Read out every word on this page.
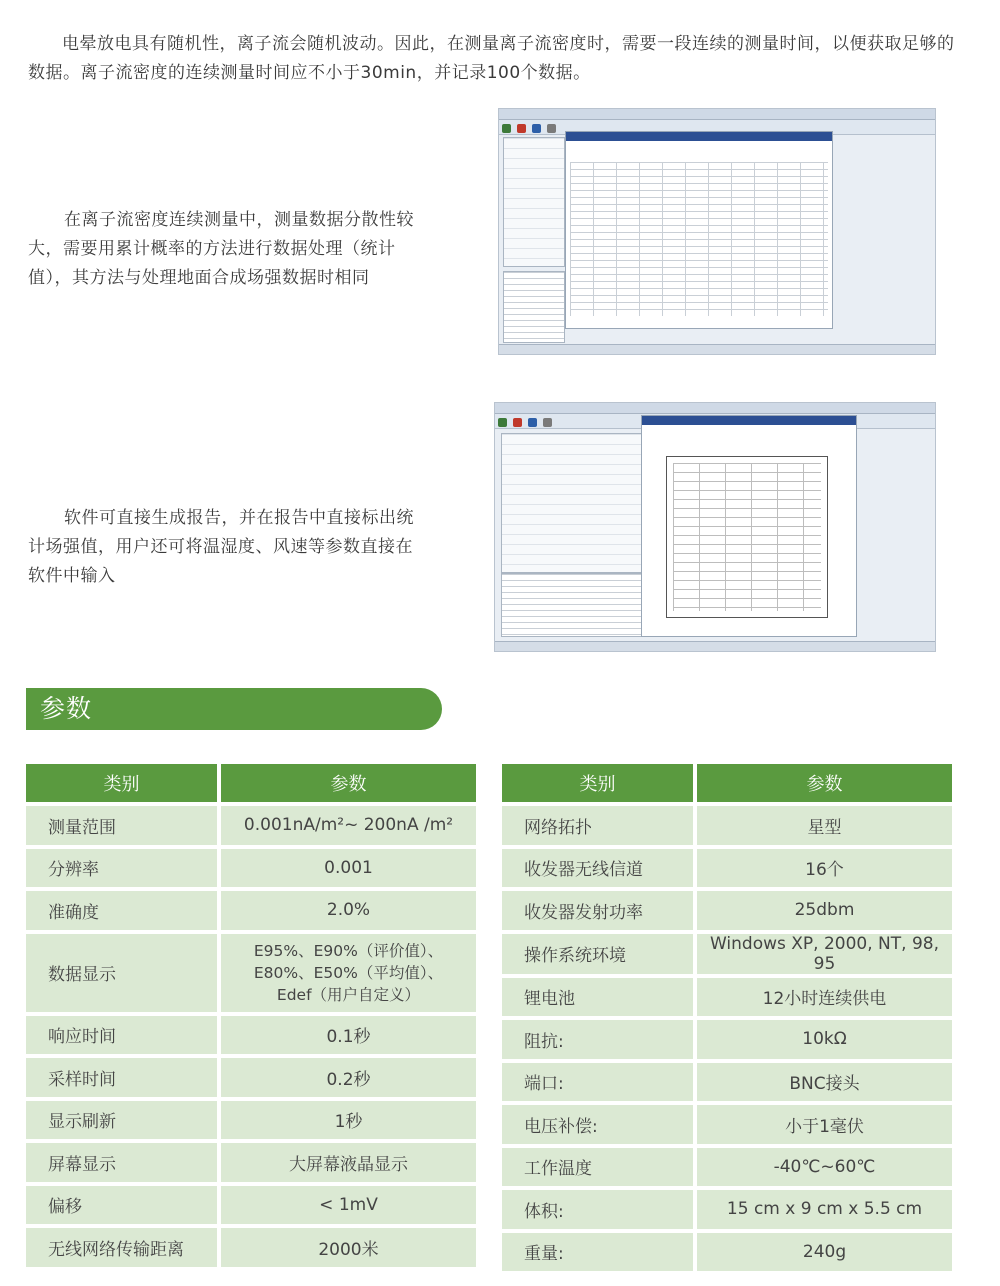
电晕放电具有随机性，离子流会随机波动。因此，在测量离子流密度时，需要一段连续的测量时间，以便获取足够的数据。离子流密度的连续测量时间应不小于30min，并记录100个数据。

在离子流密度连续测量中，测量数据分散性较大，需要用累计概率的方法进行数据处理（统计值），其方法与处理地面合成场强数据时相同

软件可直接生成报告，并在报告中直接标出统计场强值，用户还可将温湿度、风速等参数直接在软件中输入

参数
类别	参数
测量范围	0.001nA/m²~ 200nA /m²
分辨率	0.001
准确度	2.0%
数据显示	E95%、E90%（评价值）、
E80%、E50%（平均值）、
Edef（用户自定义）
响应时间	0.1秒
采样时间	0.2秒
显示刷新	1秒
屏幕显示	大屏幕液晶显示
偏移	< 1mV
无线网络传输距离	2000米
类别	参数
网络拓扑	星型
收发器无线信道	16个
收发器发射功率	25dbm
操作系统环境	Windows XP, 2000, NT, 98, 95
锂电池	12小时连续供电
阻抗:	10kΩ
端口:	BNC接头
电压补偿:	小于1毫伏
工作温度	-40℃~60℃
体积:	15 cm x 9 cm x 5.5 cm
重量:	240g
